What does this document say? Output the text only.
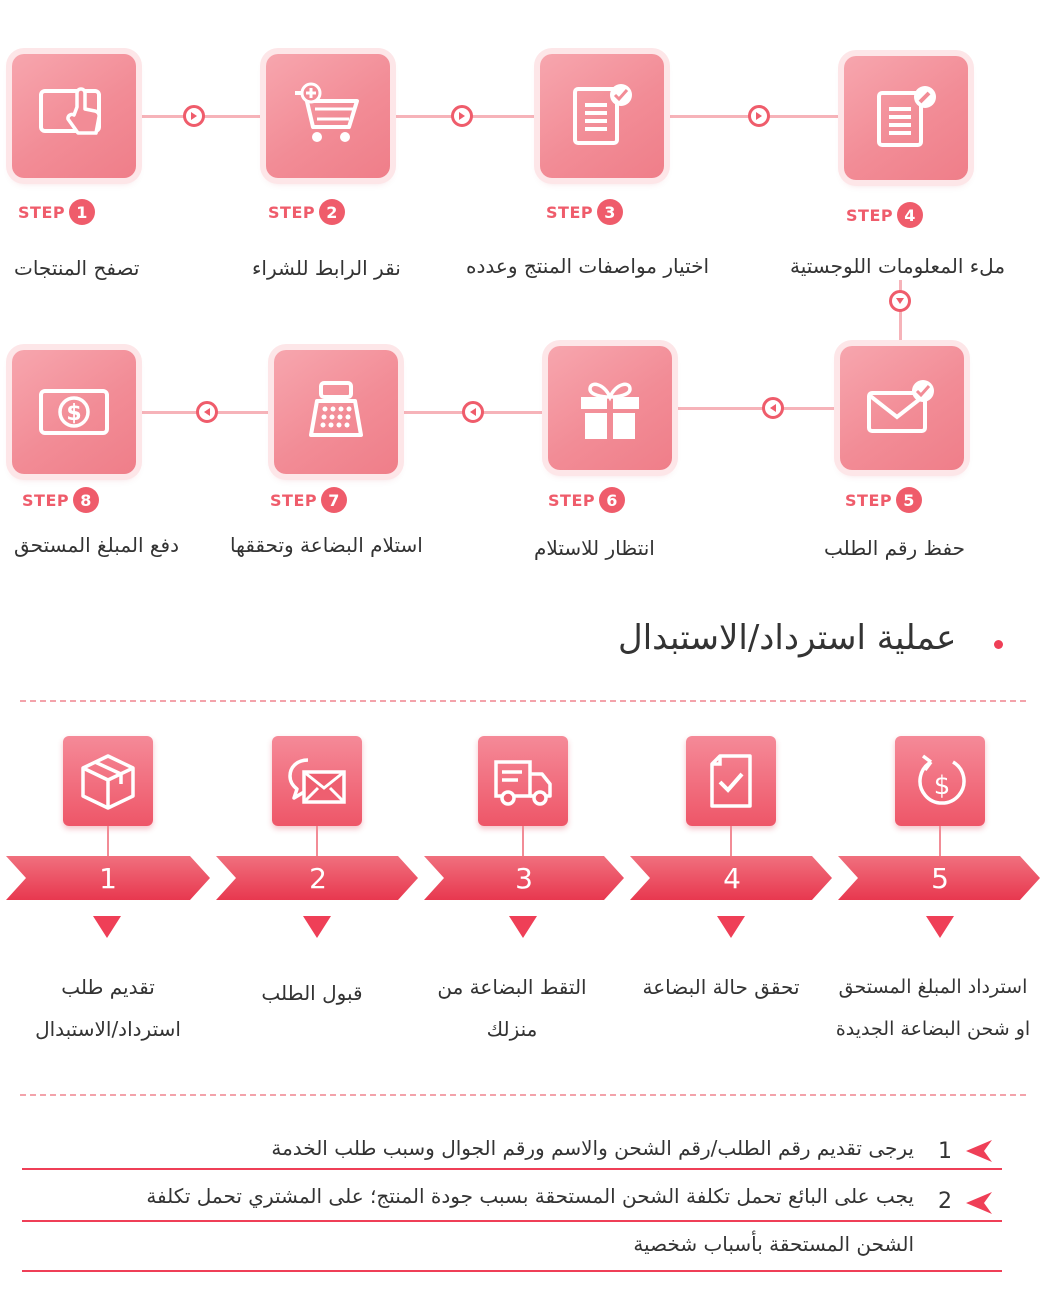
STEP 1
تصفح المنتجات
STEP 2
نقر الرابط للشراء
STEP 3
اختيار مواصفات المنتج وعدده
STEP 4
ملء المعلومات اللوجستية
STEP 5
حفظ رقم الطلب
STEP 6
انتظار للاستلام
STEP 7
استلام البضاعة وتحققها
$
STEP 8
دفع المبلغ المستحق
عملية استرداد/الاستبدال
$
1	2	3	4	5
تقديم طلب
استرداد/الاستبدال
قبول الطلب	التقط البضاعة من
منزلك
تحقق حالة البضاعة	استرداد المبلغ المستحق
او شحن البضاعة الجديدة
1
يرجى تقديم رقم الطلب/رقم الشحن والاسم ورقم الجوال وسبب طلب الخدمة
2
يجب على البائع تحمل تكلفة الشحن المستحقة بسبب جودة المنتج؛ على المشتري تحمل تكلفة
الشحن المستحقة بأسباب شخصية
